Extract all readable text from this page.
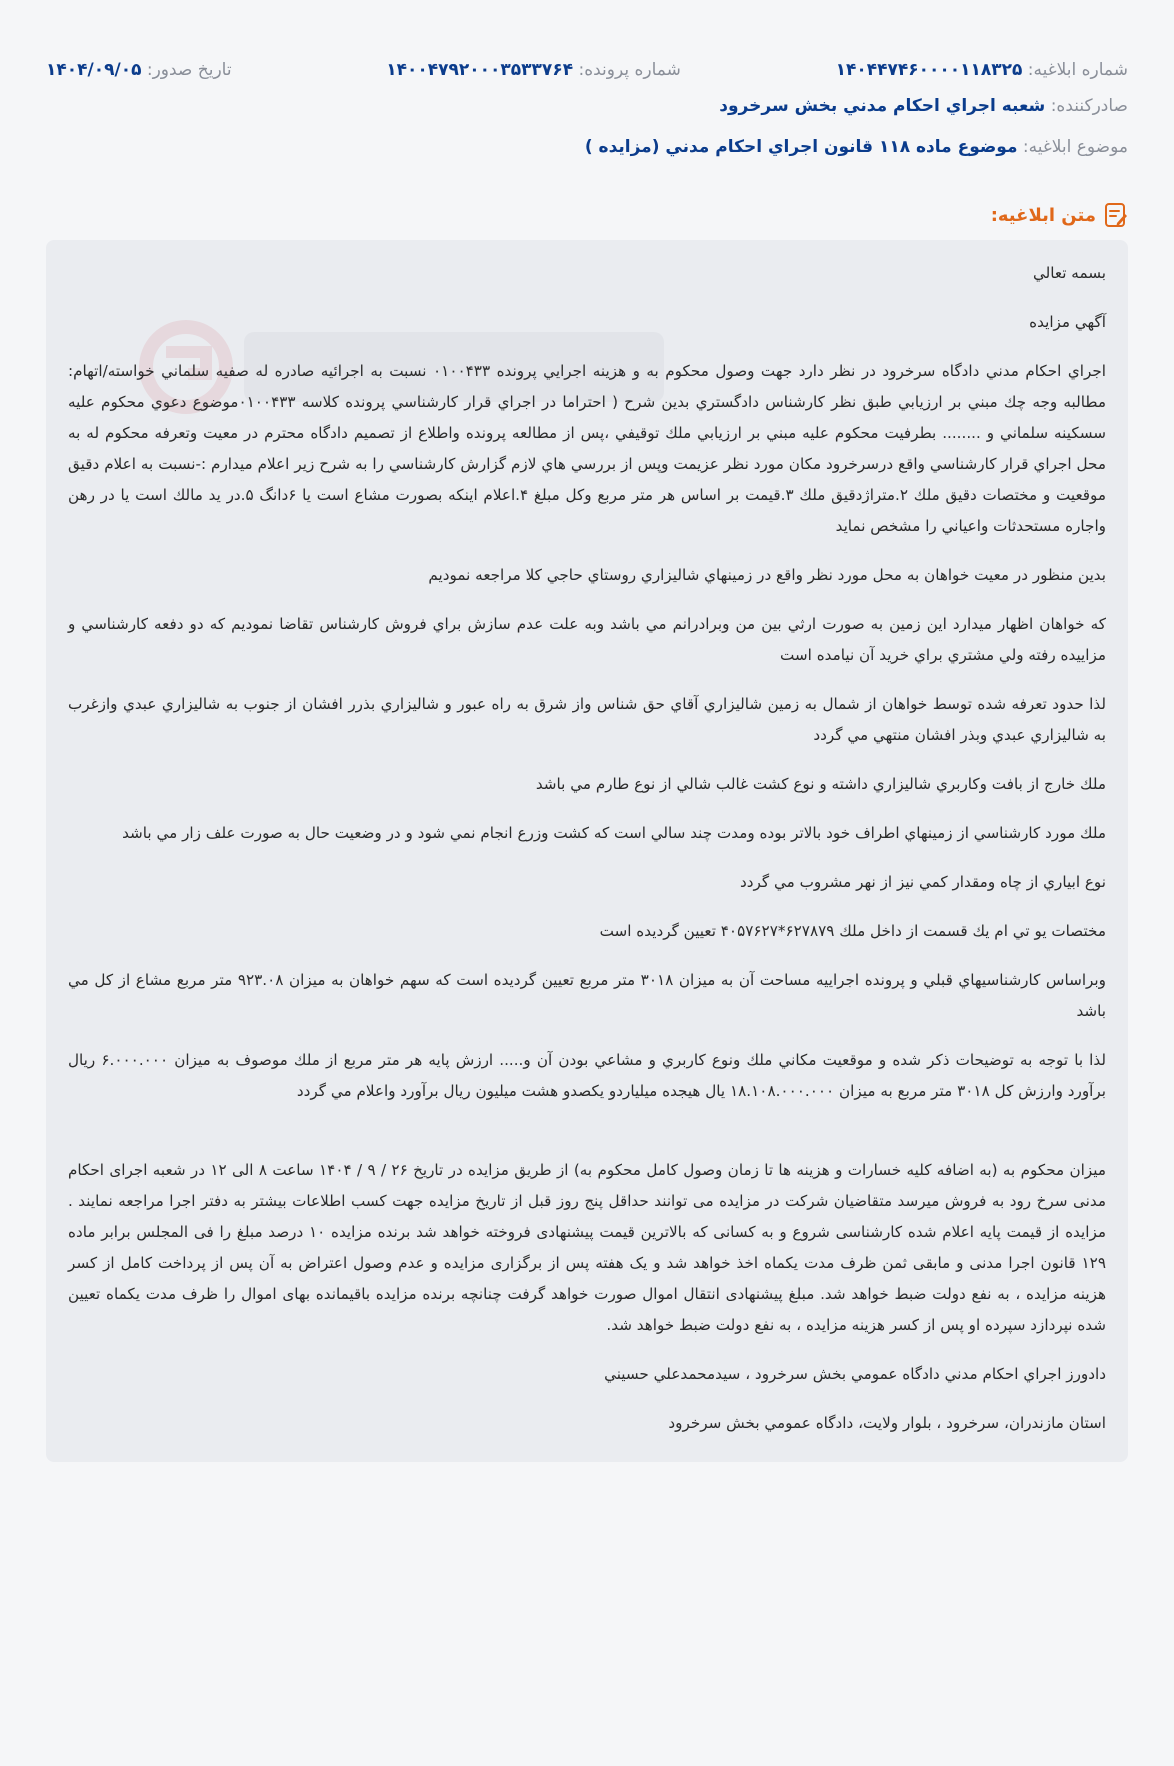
شماره ابلاغیه: ۱۴۰۴۴۷۴۶۰۰۰۰۱۱۸۳۲۵
شماره پرونده: ۱۴۰۰۴۷۹۲۰۰۰۳۵۳۳۷۶۴
تاریخ صدور: ۱۴۰۴/۰۹/۰۵
صادرکننده: شعبه اجراي احكام مدني بخش سرخرود
موضوع ابلاغیه: موضوع ماده ۱۱۸ قانون اجراي احكام مدني (مزايده )
متن ابلاغیه:

بسمه تعالي

آگهي مزايده

اجراي احكام مدني دادگاه سرخرود در نظر دارد جهت وصول محكوم به و هزينه اجرايي پرونده ۰۱۰۰۴۳۳ نسبت به اجرائيه صادره له صفيه سلماني خواسته/اتهام: مطالبه وجه چك مبني بر ارزيابي طبق نظر كارشناس دادگستري بدين شرح ( احتراما در اجراي قرار كارشناسي پرونده كلاسه ۰۱۰۰۴۳۳موضوع دعوي محكوم عليه سسكينه سلماني و ........ بطرفيت محكوم عليه مبني بر ارزيابي ملك توقيفي ،پس از مطالعه پرونده واطلاع از تصميم دادگاه محترم در معيت وتعرفه محكوم له به محل اجراي قرار كارشناسي واقع درسرخرود مكان مورد نظر عزيمت وپس از بررسي هاي لازم گزارش كارشناسي را به شرح زير اعلام ميدارم :-نسبت به اعلام دقيق موقعيت و مختصات دقيق ملك ۲.متراژدقيق ملك ۳.قيمت بر اساس هر متر مربع وكل مبلغ ۴.اعلام اينكه بصورت مشاع است يا ۶دانگ ۵.در يد مالك است يا در رهن واجاره مستحدثات واعياني را مشخص نمايد

بدين منظور در معيت خواهان به محل مورد نظر واقع در زمينهاي شاليزاري روستاي حاجي كلا مراجعه نموديم

كه خواهان اظهار ميدارد اين زمين به صورت ارثي بين من وبرادرانم مي باشد وبه علت عدم سازش براي فروش كارشناس تقاضا نموديم كه دو دفعه كارشناسي و مزاييده رفته ولي مشتري براي خريد آن نيامده است

لذا حدود تعرفه شده توسط خواهان از شمال به زمين شاليزاري آقاي حق شناس واز شرق به راه عبور و شاليزاري بذرر افشان از جنوب به شاليزاري عبدي وازغرب به شاليزاري عبدي وبذر افشان منتهي مي گردد

ملك خارج از بافت وكاربري شاليزاري داشته و نوع كشت غالب شالي از نوع طارم مي باشد

ملك مورد كارشناسي از زمينهاي اطراف خود بالاتر بوده ومدت چند سالي است كه كشت وزرع انجام نمي شود و در وضعيت حال به صورت علف زار مي باشد

نوع ابياري از چاه ومقدار كمي نيز از نهر مشروب مي گردد

مختصات يو تي ام يك قسمت از داخل ملك ۶۲۷۸۷۹*۴۰۵۷۶۲۷ تعيين گرديده است

وبراساس كارشناسيهاي قبلي و پرونده اجراييه مساحت آن به ميزان ۳۰۱۸ متر مربع تعيين گرديده است كه سهم خواهان به ميزان ۹۲۳.۰۸ متر مربع مشاع از كل مي باشد

لذا با توجه به توضيحات ذكر شده و موقعيت مكاني ملك ونوع كاربري و مشاعي بودن آن و..... ارزش پايه هر متر مربع از ملك موصوف به ميزان ۶.۰۰۰.۰۰۰ ريال برآورد وارزش كل ۳۰۱۸ متر مربع به ميزان ۱۸.۱۰۸.۰۰۰.۰۰۰ يال هيجده ميلياردو يكصدو هشت ميليون ريال برآورد واعلام مي گردد

ميزان محكوم به (به اضافه كليه خسارات و هزينه ها تا زمان وصول كامل محكوم به) از طریق مزایده در تاریخ ۲۶ / ۹ / ۱۴۰۴ ساعت ۸ الی ۱۲ در شعبه اجرای احکام مدنی سرخ رود به فروش میرسد متقاضیان شرکت در مزایده می توانند حداقل پنج روز قبل از تاریخ مزایده جهت کسب اطلاعات بیشتر به دفتر اجرا مراجعه نمایند . مزایده از قیمت پایه اعلام شده کارشناسی شروع و به کسانی که بالاترین قیمت پیشنهادی فروخته خواهد شد برنده مزایده ۱۰ درصد مبلغ را فی المجلس برابر ماده ۱۲۹ قانون اجرا مدنی و مابقی ثمن ظرف مدت یکماه اخذ خواهد شد و یک هفته پس از برگزاری مزایده و عدم وصول اعتراض به آن پس از پرداخت کامل از کسر هزینه مزایده ، به نفع دولت ضبط خواهد شد. مبلغ پیشنهادی انتقال اموال صورت خواهد گرفت چنانچه برنده مزایده باقیمانده بهای اموال را ظرف مدت یکماه تعیین شده نپردازد سپرده او پس از کسر هزینه مزایده ، به نفع دولت ضبط خواهد شد.

دادورز اجراي احكام مدني دادگاه عمومي بخش سرخرود ، سيدمحمدعلي حسيني

استان مازندران، سرخرود ، بلوار ولايت، دادگاه عمومي بخش سرخرود
